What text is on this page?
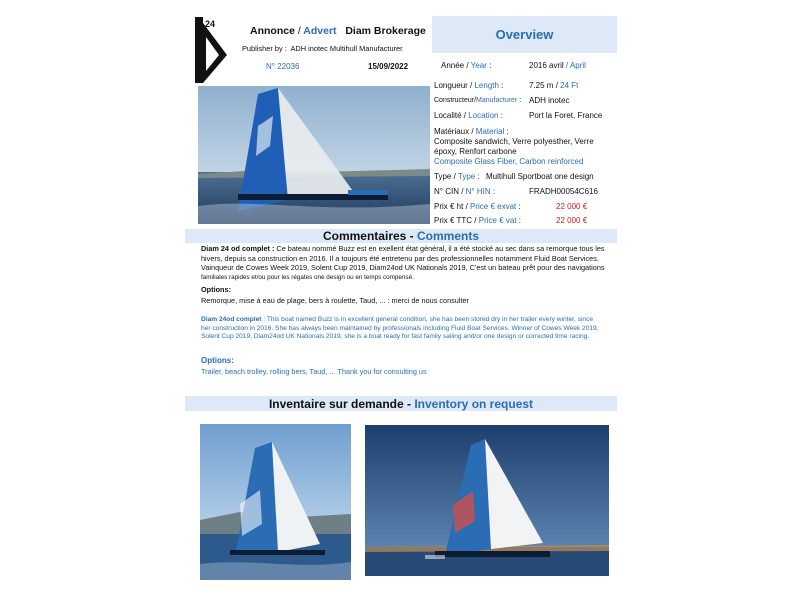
24
Annonce / Advert Diam Brokerage
Publisher by : ADH inotec Multihull Manufacturer
N° 22036	15/09/2022
Overview
Année / Year :	2016 avril / April
Longueur / Length :	7.25 m / 24 Ft
Constructeur/Manufacturer : ADH inotec
Localité / Location :	Port la Foret, France
Matériaux / Material :
Composite sandwich, Verre polyesther, Verre
époxy, Renfort carbone
Composite Glass Fiber, Carbon reinforced
Type / Type : Multihull Sportboat one design
N° CIN / N° HIN :	FRADH00054C616
Prix € ht / Price € exvat :	22 000 €
Prix € TTC / Price € vat :	22 000 €
Commentaires - Comments
Diam 24 od complet : Ce bateau nommé Buzz est en exellent état général, il a été stocké au sec dans sa remorque tous les
hivers, depuis sa construction en 2016. Il a toujours été entretenu par des professionnelles notamment Fluid Boat Services.
Vainqueur de Cowes Week 2019, Solent Cup 2019, Diam24od UK Nationals 2019, C'est un bateau prêt pour des navigations
familiales rapides et/ou pour les régates one design ou en temps compensé.
Options:
Remorque, mise à eau de plage, bers à roulette, Taud, ... : merci de nous consulter
Diam 24od complet : This boat named Buzz is in excellent general condition, she has been stored dry in her trailer every winter, since
her construction in 2016. She has always been maintained by professionals including Fluid Boat Services. Winner of Cowes Week 2019,
Solent Cup 2019, Diam24od UK Nationals 2019, she is a boat ready for fast family sailing and/or one design or corrected time racing.
Options:
Trailer, beach trolley, rolling bers, Taud, ... Thank you for consulting us
Inventaire sur demande - Inventory on request
